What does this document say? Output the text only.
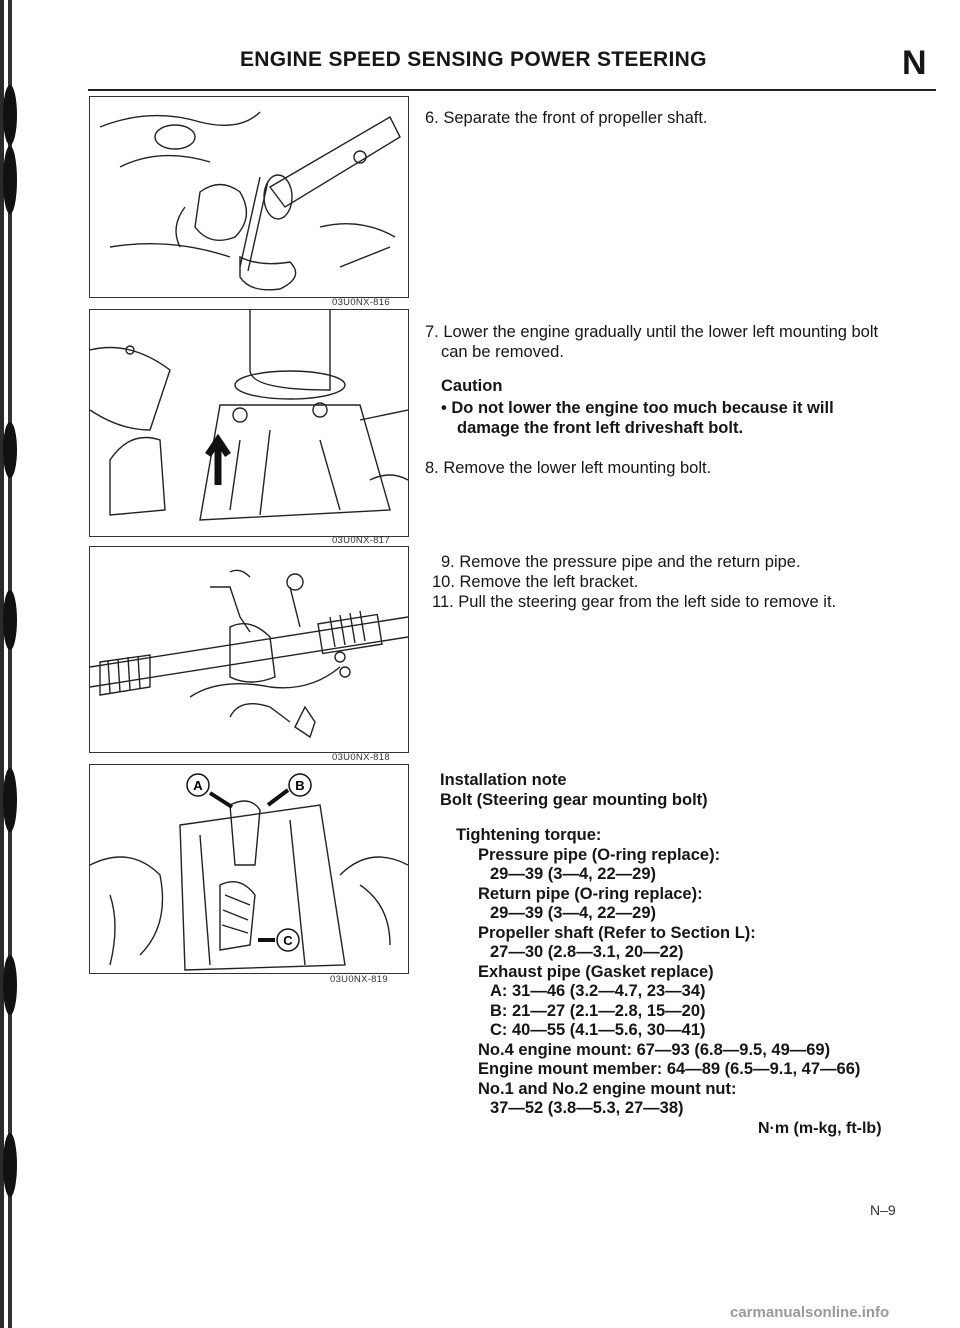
ENGINE SPEED SENSING POWER STEERING	N
03U0NX-816
03U0NX-817
03U0NX-818
A	B
C
03U0NX-819
6. Separate the front of propeller shaft.
7. Lower the engine gradually until the lower left mounting bolt
can be removed.
Caution
• Do not lower the engine too much because it will
damage the front left driveshaft bolt.
8. Remove the lower left mounting bolt.
9. Remove the pressure pipe and the return pipe.
10. Remove the left bracket.
11. Pull the steering gear from the left side to remove it.
Installation note
Bolt (Steering gear mounting bolt)
Tightening torque:
Pressure pipe (O-ring replace):
29—39 (3—4, 22—29)
Return pipe (O-ring replace):
29—39 (3—4, 22—29)
Propeller shaft (Refer to Section L):
27—30 (2.8—3.1, 20—22)
Exhaust pipe (Gasket replace)
A: 31—46 (3.2—4.7, 23—34)
B: 21—27 (2.1—2.8, 15—20)
C: 40—55 (4.1—5.6, 30—41)
No.4 engine mount: 67—93 (6.8—9.5, 49—69)
Engine mount member: 64—89 (6.5—9.1, 47—66)
No.1 and No.2 engine mount nut:
37—52 (3.8—5.3, 27—38)
N·m (m-kg, ft-lb)
N–9
carmanualsonline.info
